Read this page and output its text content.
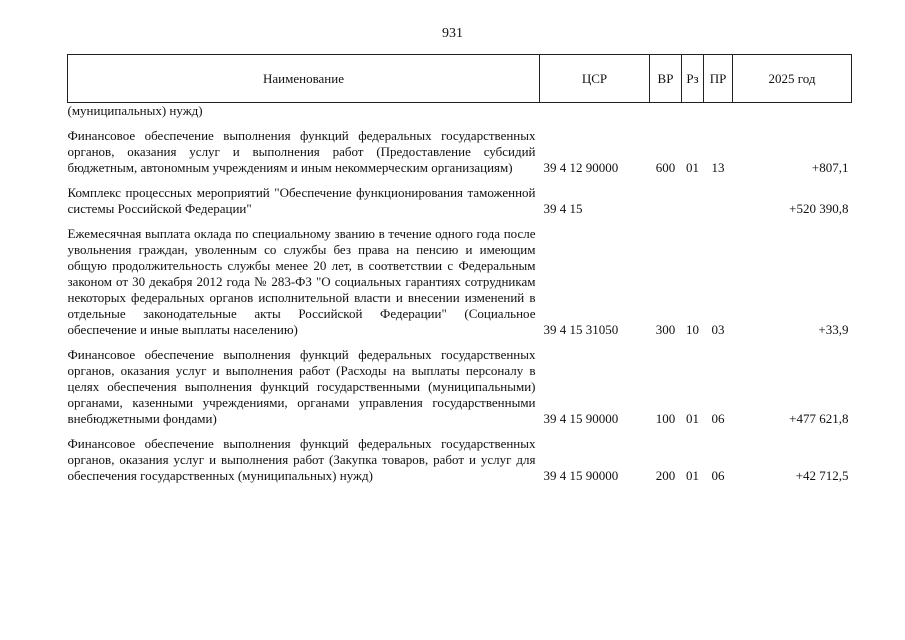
931
Наименование	ЦСР	ВР	Рз	ПР	2025 год
(муниципальных) нужд)					
Финансовое обеспечение выполнения функций федеральных государственных органов, оказания услуг и выполнения работ (Предоставление субсидий бюджетным, автономным учреждениям и иным некоммерческим организациям)	39 4 12 90000	600	01	13	+807,1
Комплекс процессных мероприятий "Обеспечение функционирования таможенной системы Российской Федерации"	39 4 15				+520 390,8
Ежемесячная выплата оклада по специальному званию в течение одного года после увольнения граждан, уволенным со службы без права на пенсию и имеющим общую продолжительность службы менее 20 лет, в соответствии с Федеральным законом от 30 декабря 2012 года № 283-ФЗ "О социальных гарантиях сотрудникам некоторых федеральных органов исполнительной власти и внесении изменений в отдельные законодательные акты Российской Федерации" (Социальное обеспечение и иные выплаты населению)	39 4 15 31050	300	10	03	+33,9
Финансовое обеспечение выполнения функций федеральных государственных органов, оказания услуг и выполнения работ (Расходы на выплаты персоналу в целях обеспечения выполнения функций государственными (муниципальными) органами, казенными учреждениями, органами управления государственными внебюджетными фондами)	39 4 15 90000	100	01	06	+477 621,8
Финансовое обеспечение выполнения функций федеральных государственных органов, оказания услуг и выполнения работ (Закупка товаров, работ и услуг для обеспечения государственных (муниципальных) нужд)	39 4 15 90000	200	01	06	+42 712,5
